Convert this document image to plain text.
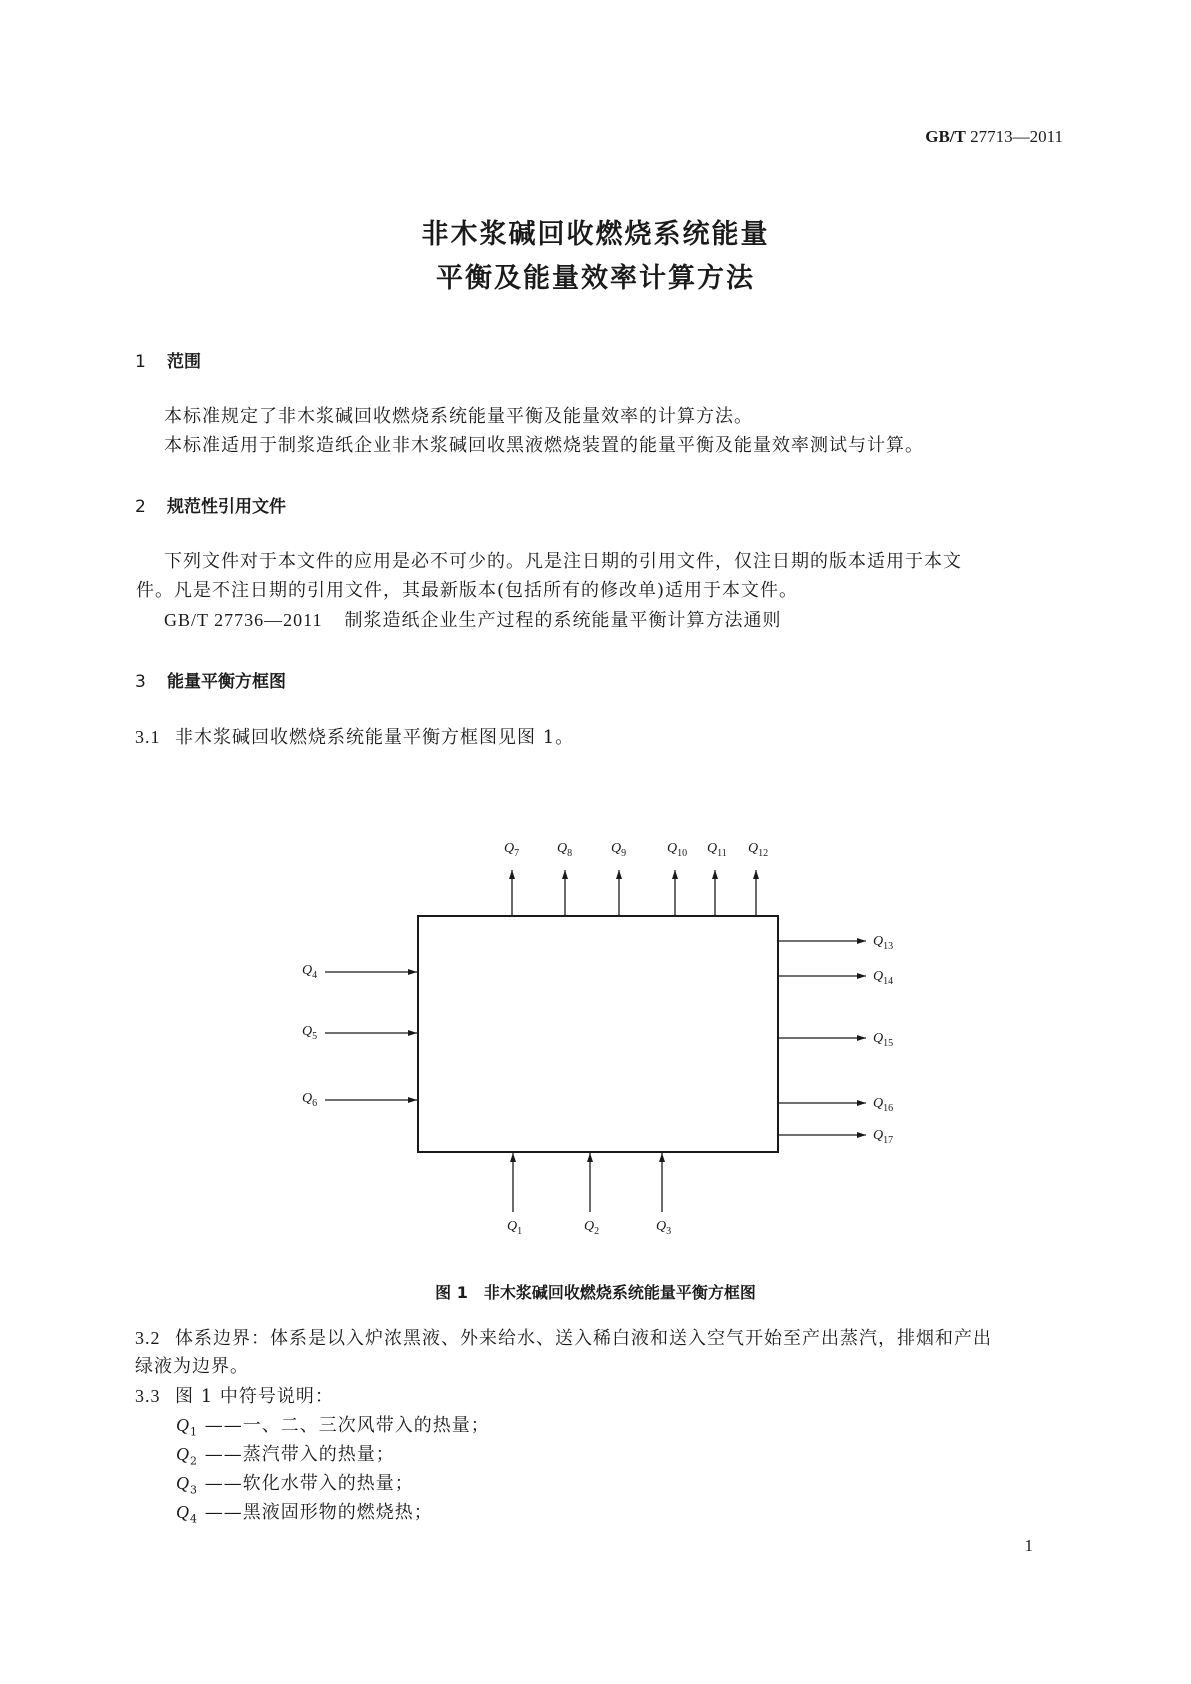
GB/T 27713—2011
非木浆碱回收燃烧系统能量
平衡及能量效率计算方法
1 范围
本标准规定了非木浆碱回收燃烧系统能量平衡及能量效率的计算方法。
本标准适用于制浆造纸企业非木浆碱回收黑液燃烧装置的能量平衡及能量效率测试与计算。
2 规范性引用文件
下列文件对于本文件的应用是必不可少的。凡是注日期的引用文件，仅注日期的版本适用于本文
件。凡是不注日期的引用文件，其最新版本(包括所有的修改单)适用于本文件。
GB/T 27736—2011 制浆造纸企业生产过程的系统能量平衡计算方法通则
3 能量平衡方框图
3.1 非木浆碱回收燃烧系统能量平衡方框图见图 1。
$Q_7$	$Q_8$	$Q_9$	$Q_{10}$ $Q_{11}$ $Q_{12}$
$Q_4$
$Q_5$
$Q_6$
$Q_{13}$
$Q_{14}$
$Q_{15}$
$Q_{16}$
$Q_{17}$
$Q_1$	$Q_2$	$Q_3$
图 1　非木浆碱回收燃烧系统能量平衡方框图
3.2 体系边界：体系是以入炉浓黑液、外来给水、送入稀白液和送入空气开始至产出蒸汽，排烟和产出
绿液为边界。
3.3 图 1 中符号说明：
$Q_1$ ——一、二、三次风带入的热量；
$Q_2$ ——蒸汽带入的热量；
$Q_3$ ——软化水带入的热量；
$Q_4$ ——黑液固形物的燃烧热；
1
